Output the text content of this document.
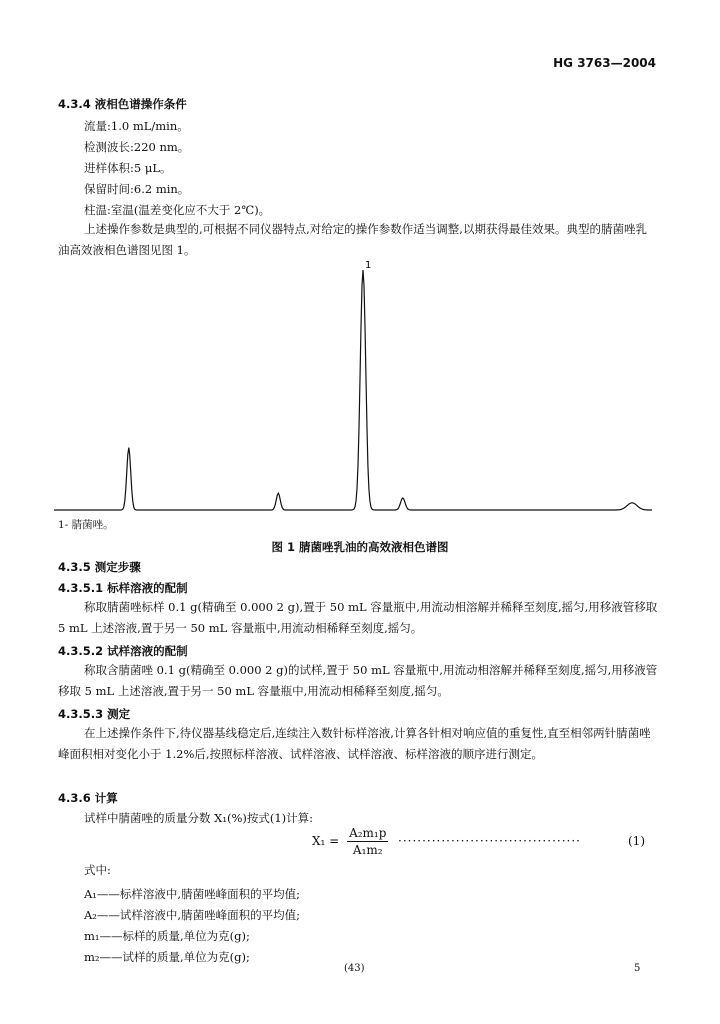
HG 3763—2004
4.3.4 液相色谱操作条件
流量:1.0 mL/min。
检测波长:220 nm。
进样体积:5 μL。
保留时间:6.2 min。
柱温:室温(温差变化应不大于 2℃)。
上述操作参数是典型的,可根据不同仪器特点,对给定的操作参数作适当调整,以期获得最佳效果。典型的腈菌唑乳油高效液相色谱图见图 1。
1
1- 腈菌唑。
图 1 腈菌唑乳油的高效液相色谱图
4.3.5 测定步骤
4.3.5.1 标样溶液的配制
称取腈菌唑标样 0.1 g(精确至 0.000 2 g),置于 50 mL 容量瓶中,用流动相溶解并稀释至刻度,摇匀,用移液管移取 5 mL 上述溶液,置于另一 50 mL 容量瓶中,用流动相稀释至刻度,摇匀。
4.3.5.2 试样溶液的配制
称取含腈菌唑 0.1 g(精确至 0.000 2 g)的试样,置于 50 mL 容量瓶中,用流动相溶解并稀释至刻度,摇匀,用移液管移取 5 mL 上述溶液,置于另一 50 mL 容量瓶中,用流动相稀释至刻度,摇匀。
4.3.5.3 测定
在上述操作条件下,待仪器基线稳定后,连续注入数针标样溶液,计算各针相对响应值的重复性,直至相邻两针腈菌唑峰面积相对变化小于 1.2%后,按照标样溶液、试样溶液、试样溶液、标样溶液的顺序进行测定。
4.3.6 计算
试样中腈菌唑的质量分数 X₁(%)按式(1)计算:
$X_1 = \frac{\text{A₂m₁p}}{\text{A₁m₂}}$ ······································	(1)
式中:
A₁——标样溶液中,腈菌唑峰面积的平均值;
A₂——试样溶液中,腈菌唑峰面积的平均值;
m₁——标样的质量,单位为克(g);
m₂——试样的质量,单位为克(g);
(43)	5
